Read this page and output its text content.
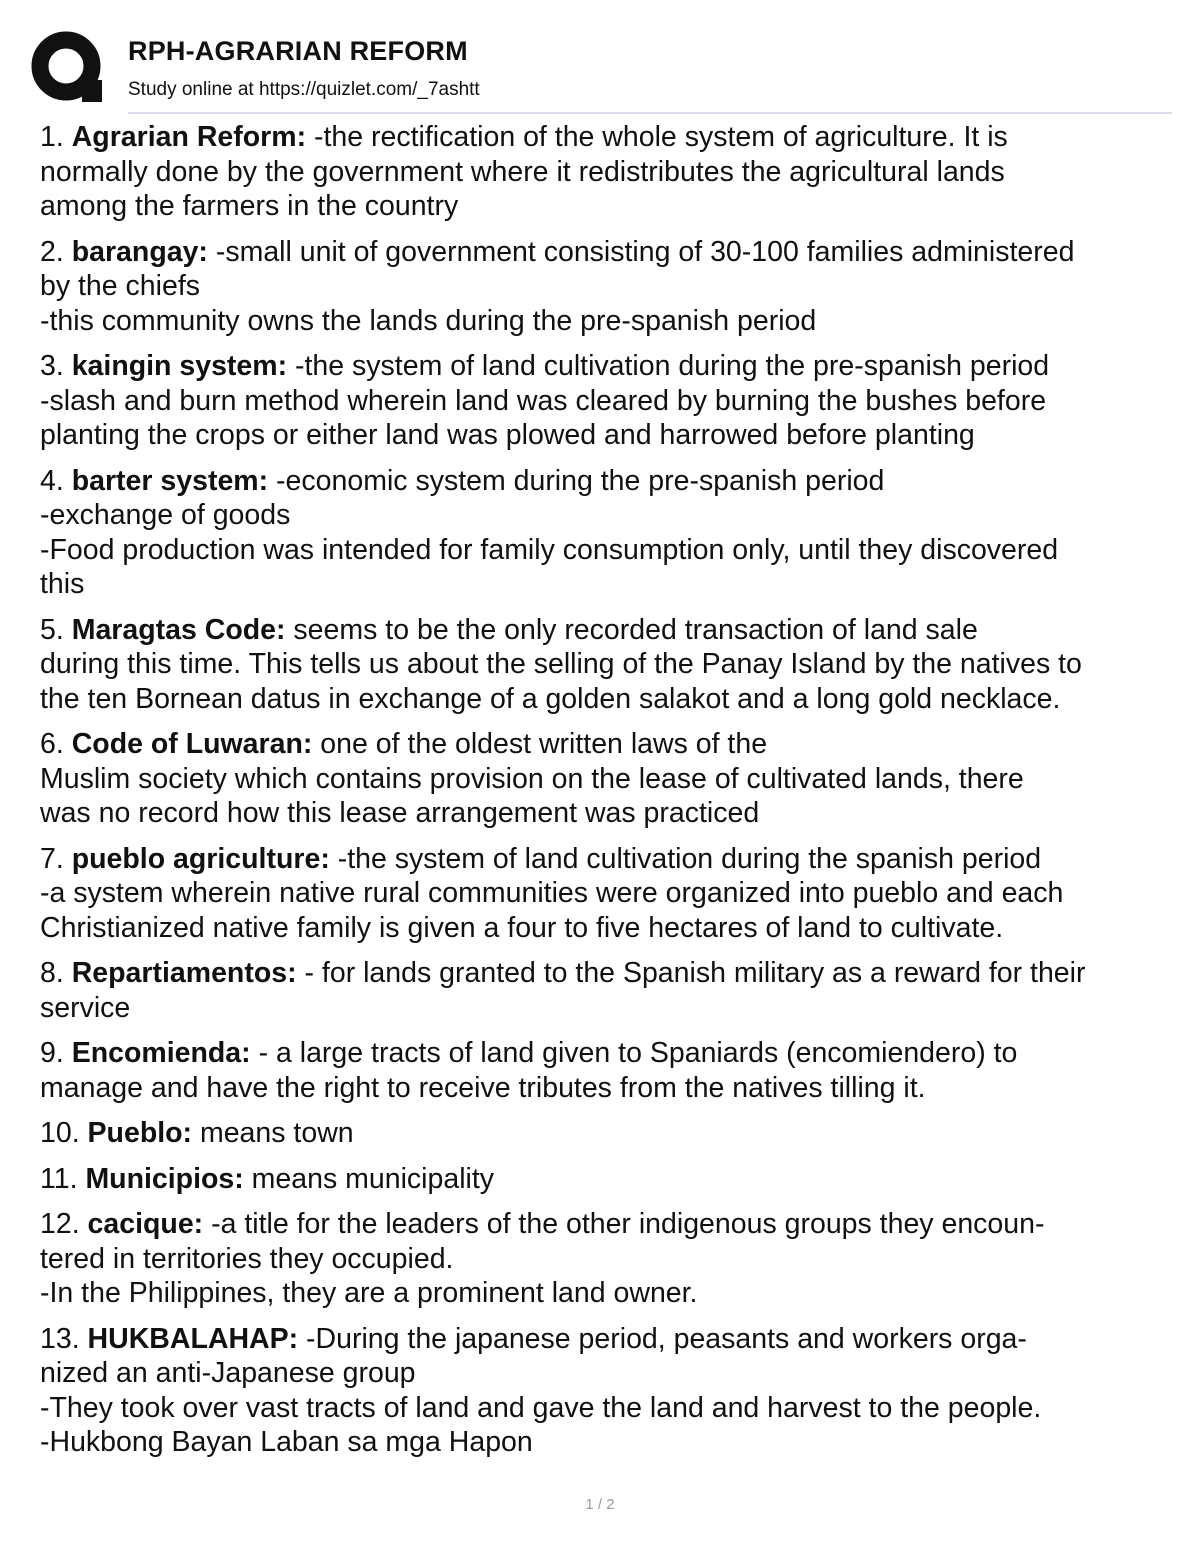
RPH-AGRARIAN REFORM
Study online at https://quizlet.com/_7ashtt
1. Agrarian Reform: -the rectification of the whole system of agriculture. It is
normally done by the government where it redistributes the agricultural lands
among the farmers in the country
2. barangay: -small unit of government consisting of 30-100 families administered
by the chiefs
-this community owns the lands during the pre-spanish period
3. kaingin system: -the system of land cultivation during the pre-spanish period
-slash and burn method wherein land was cleared by burning the bushes before
planting the crops or either land was plowed and harrowed before planting
4. barter system: -economic system during the pre-spanish period
-exchange of goods
-Food production was intended for family consumption only, until they discovered
this
5. Maragtas Code: seems to be the only recorded transaction of land sale
during this time. This tells us about the selling of the Panay Island by the natives to
the ten Bornean datus in exchange of a golden salakot and a long gold necklace.
6. Code of Luwaran: one of the oldest written laws of the
Muslim society which contains provision on the lease of cultivated lands, there
was no record how this lease arrangement was practiced
7. pueblo agriculture: -the system of land cultivation during the spanish period
-a system wherein native rural communities were organized into pueblo and each
Christianized native family is given a four to five hectares of land to cultivate.
8. Repartiamentos: - for lands granted to the Spanish military as a reward for their
service
9. Encomienda: - a large tracts of land given to Spaniards (encomiendero) to
manage and have the right to receive tributes from the natives tilling it.
10. Pueblo: means town
11. Municipios: means municipality
12. cacique: -a title for the leaders of the other indigenous groups they encoun-
tered in territories they occupied.
-In the Philippines, they are a prominent land owner.
13. HUKBALAHAP: -During the japanese period, peasants and workers orga-
nized an anti-Japanese group
-They took over vast tracts of land and gave the land and harvest to the people.
-Hukbong Bayan Laban sa mga Hapon
1 / 2
